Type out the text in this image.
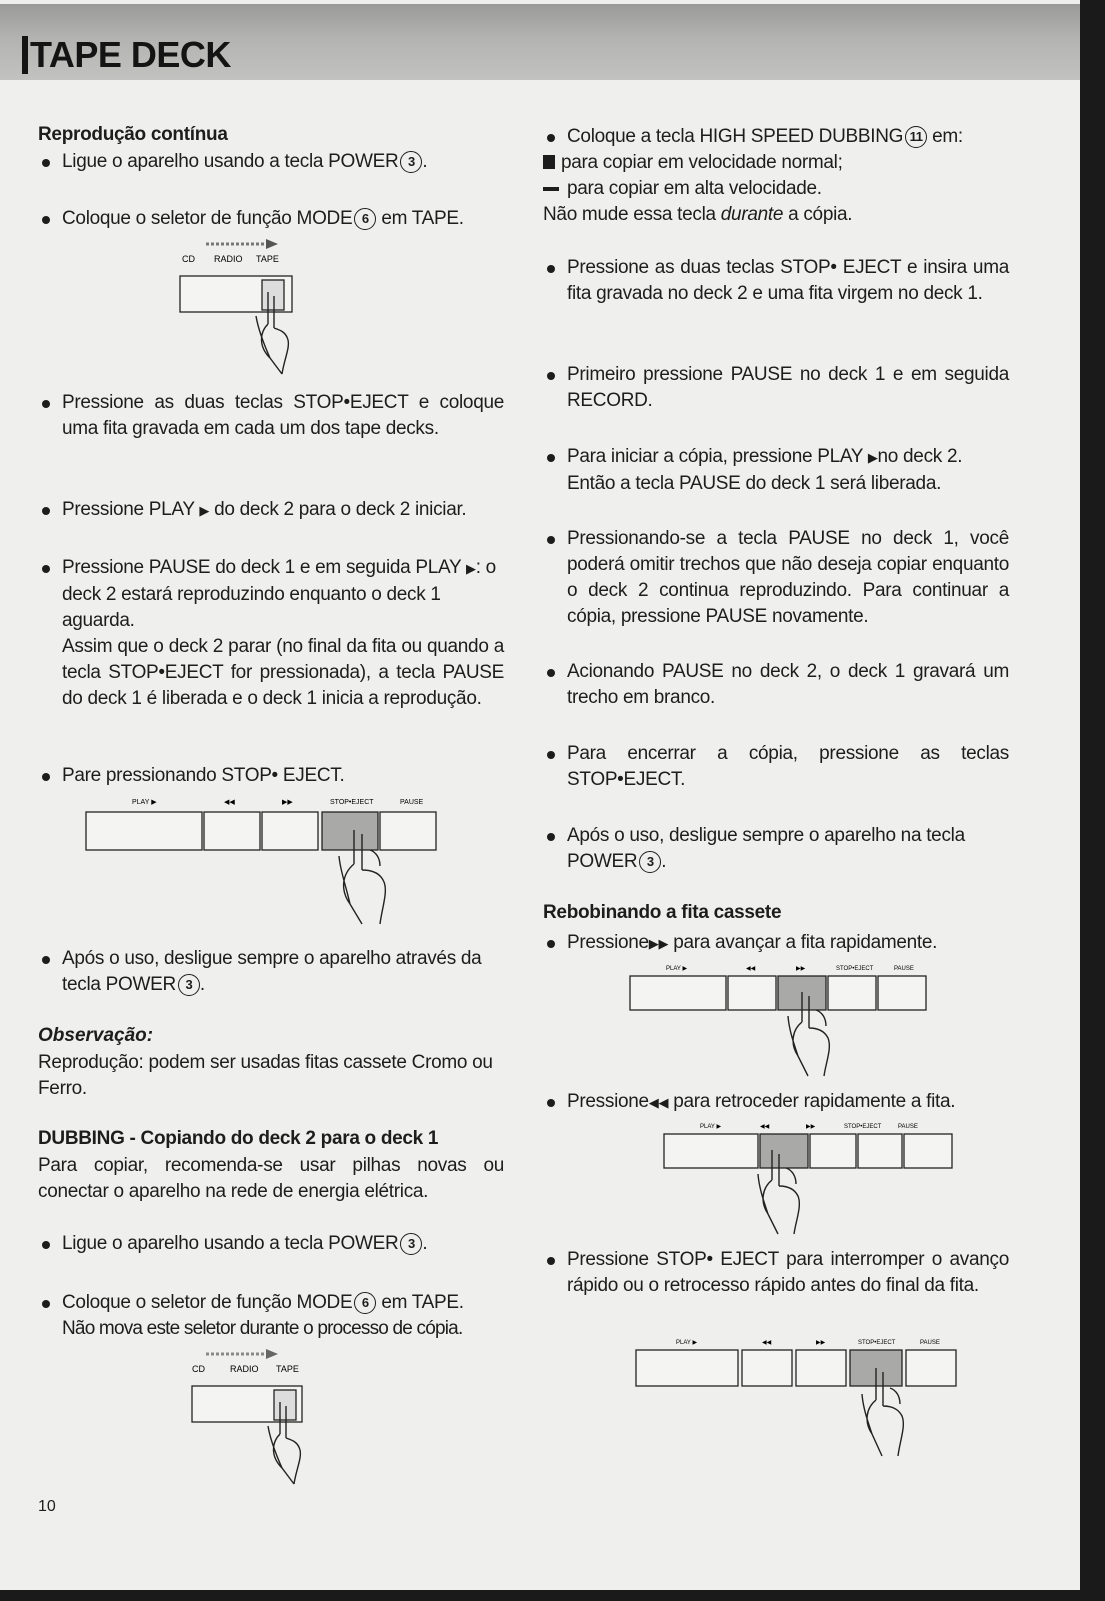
TAPE DECK
Reprodução contínua
Ligue o aparelho usando a tecla POWER 3 .
Coloque o seletor de função MODE 6 em TAPE.
CD RADIO TAPE
Pressione as duas teclas STOP•EJECT e coloque uma fita gravada em cada um dos tape decks.
Pressione PLAY ▶ do deck 2 para o deck 2 iniciar.
Pressione PAUSE do deck 1 e em seguida PLAY ▶: o deck 2 estará reproduzindo enquanto o deck 1 aguarda.
Assim que o deck 2 parar (no final da fita ou quando a tecla STOP•EJECT for pressionada), a tecla PAUSE do deck 1 é liberada e o deck 1 inicia a reprodução.
Pare pressionando STOP• EJECT.
PLAY ▶	◀◀	▶▶	STOP•EJECT	PAUSE
Após o uso, desligue sempre o aparelho através da tecla POWER 3 .
Observação:
Reprodução: podem ser usadas fitas cassete Cromo ou Ferro.
DUBBING - Copiando do deck 2 para o deck 1
Para copiar, recomenda-se usar pilhas novas ou conectar o aparelho na rede de energia elétrica.
Ligue o aparelho usando a tecla POWER 3 .
Coloque o seletor de função MODE 6 em TAPE.
Não mova este seletor durante o processo de cópia.
CD	RADIO TAPE
10
Coloque a tecla HIGH SPEED DUBBING 11 em:
para copiar em velocidade normal;
para copiar em alta velocidade.
Não mude essa tecla durante a cópia.
Pressione as duas teclas STOP• EJECT e insira uma fita gravada no deck 2 e uma fita virgem no deck 1.
Primeiro pressione PAUSE no deck 1 e em seguida RECORD.
Para iniciar a cópia, pressione PLAY ▶no deck 2. Então a tecla PAUSE do deck 1 será liberada.
Pressionando-se a tecla PAUSE no deck 1, você poderá omitir trechos que não deseja copiar enquanto o deck 2 continua reproduzindo. Para continuar a cópia, pressione PAUSE novamente.
Acionando PAUSE no deck 2, o deck 1 gravará um trecho em branco.
Para encerrar a cópia, pressione as teclas STOP•EJECT.
Após o uso, desligue sempre o aparelho na tecla POWER 3 .
Rebobinando a fita cassete
Pressione▶▶ para avançar a fita rapidamente.
PLAY ▶	◀◀	▶▶	STOP•EJECT	PAUSE
Pressione◀◀ para retroceder rapidamente a fita.
PLAY ▶	◀◀	▶▶	STOP•EJECT	PAUSE
Pressione STOP• EJECT para interromper o avanço rápido ou o retrocesso rápido antes do final da fita.
PLAY ▶	◀◀	▶▶	STOP•EJECT	PAUSE
